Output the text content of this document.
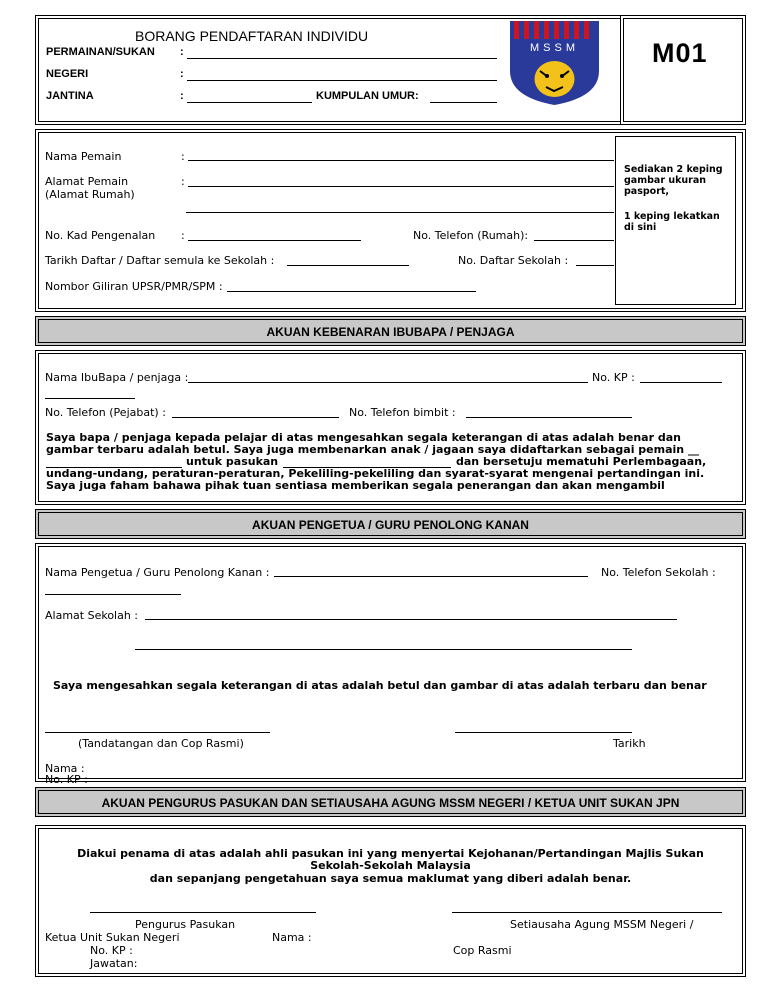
BORANG PENDAFTARAN INDIVIDU
PERMAINAN/SUKAN :
NEGERI	:
JANTINA	:	KUMPULAN UMUR:
MSSM	M01
Sediakan 2 keping gambar ukuran pasport,
1 keping lekatkan di sini
Nama Pemain	:
Alamat Pemain
(Alamat Rumah)
:
No. Kad Pengenalan :	No. Telefon (Rumah):
Tarikh Daftar / Daftar semula ke Sekolah :	No. Daftar Sekolah :
Nombor Giliran UPSR/PMR/SPM :
AKUAN KEBENARAN IBUBAPA / PENJAGA
Nama IbuBapa / penjaga :	No. KP :
No. Telefon (Pejabat) :	No. Telefon bimbit :
Saya bapa / penjaga kepada pelajar di atas mengesahkan segala keterangan di atas adalah benar dan
gambar terbaru adalah betul. Saya juga membenarkan anak / jagaan saya didaftarkan sebagai pemain __
untuk pasukan	dan bersetuju mematuhi Perlembagaan,
undang-undang, peraturan-peraturan, Pekeliling-pekeliling dan syarat-syarat mengenai pertandingan ini.
Saya juga faham bahawa pihak tuan sentiasa memberikan segala penerangan dan akan mengambil
AKUAN PENGETUA / GURU PENOLONG KANAN
Nama Pengetua / Guru Penolong Kanan :	No. Telefon Sekolah :
Alamat Sekolah :
Saya mengesahkan segala keterangan di atas adalah betul dan gambar di atas adalah terbaru dan benar
(Tandatangan dan Cop Rasmi)	Tarikh
Nama :
No. KP :
AKUAN PENGURUS PASUKAN DAN SETIAUSAHA AGUNG MSSM NEGERI / KETUA UNIT SUKAN JPN
Diakui penama di atas adalah ahli pasukan ini yang menyertai Kejohanan/Pertandingan Majlis Sukan
Sekolah-Sekolah Malaysia
dan sepanjang pengetahuan saya semua maklumat yang diberi adalah benar.
Pengurus Pasukan	Setiausaha Agung MSSM Negeri /
Ketua Unit Sukan Negeri	Nama :
No. KP :	Cop Rasmi
Jawatan:
